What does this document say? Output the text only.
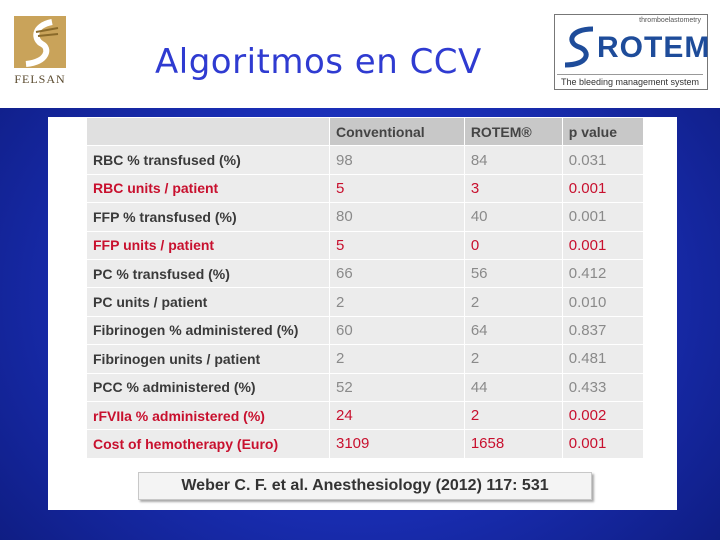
FELSAN	Algoritmos en CCV
thromboelastometry
ROTEM
The bleeding management system
	Conventional	ROTEM®	p value
RBC % transfused (%)	98	84	0.031
RBC units / patient	5	3	0.001
FFP % transfused (%)	80	40	0.001
FFP units / patient	5	0	0.001
PC % transfused (%)	66	56	0.412
PC units / patient	2	2	0.010
Fibrinogen % administered (%)	60	64	0.837
Fibrinogen units / patient	2	2	0.481
PCC % administered (%)	52	44	0.433
rFVIIa % administered (%)	24	2	0.002
Cost of hemotherapy (Euro)	3109	1658	0.001
Weber C. F. et al. Anesthesiology (2012) 117: 531
